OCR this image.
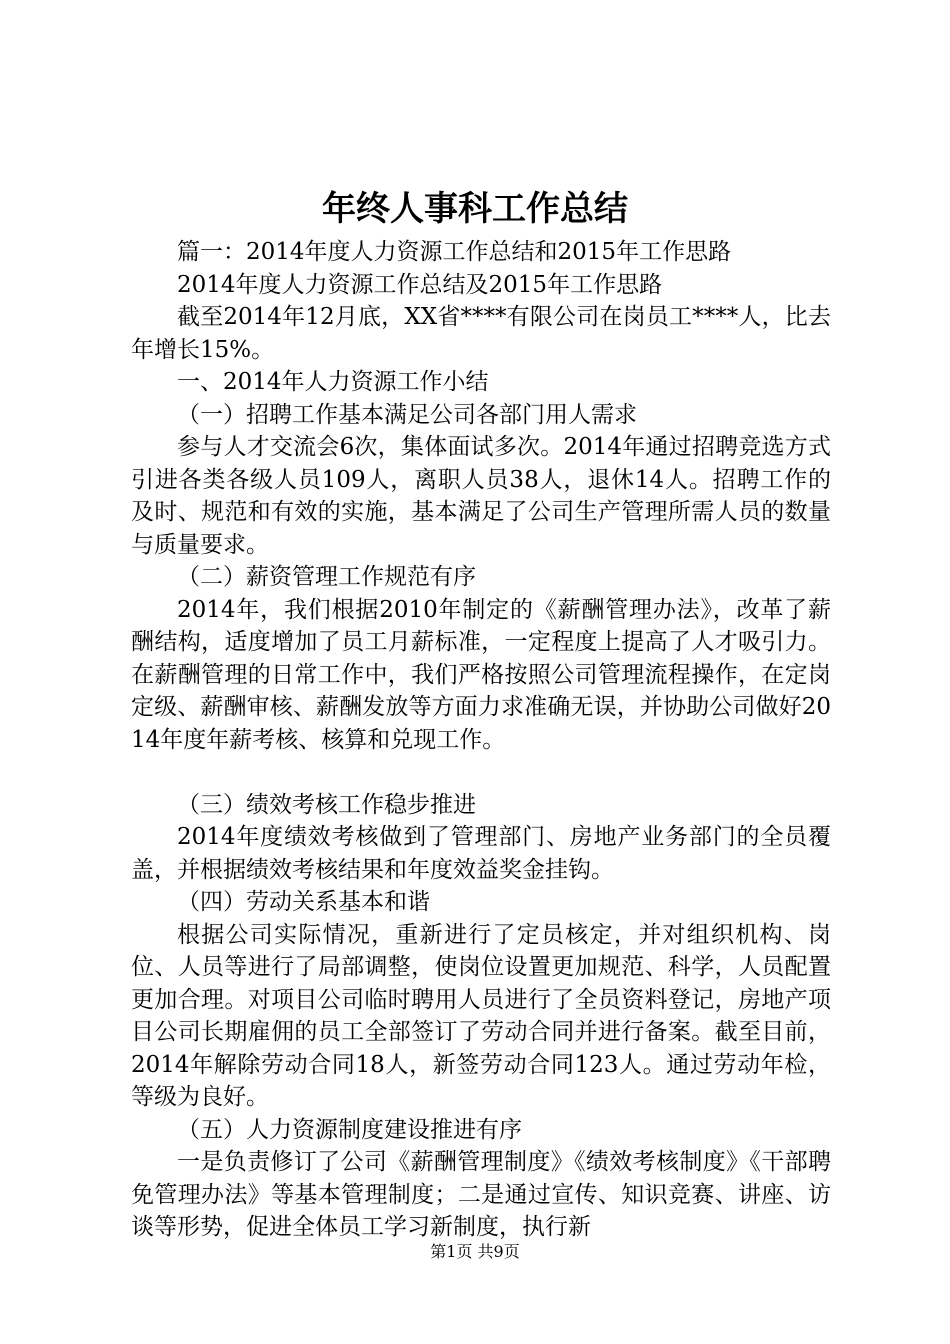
年终人事科工作总结

篇一：2014年度人力资源工作总结和2015年工作思路

2014年度人力资源工作总结及2015年工作思路

截至2014年12月底，XX省****有限公司在岗员工****人，比去年增长15%。

一、2014年人力资源工作小结

（一）招聘工作基本满足公司各部门用人需求

参与人才交流会6次，集体面试多次。2014年通过招聘竞选方式引进各类各级人员109人，离职人员38人，退休14人。招聘工作的及时、规范和有效的实施，基本满足了公司生产管理所需人员的数量与质量要求。

（二）薪资管理工作规范有序

2014年，我们根据2010年制定的《薪酬管理办法》，改革了薪酬结构，适度增加了员工月薪标准，一定程度上提高了人才吸引力。在薪酬管理的日常工作中，我们严格按照公司管理流程操作，在定岗定级、薪酬审核、薪酬发放等方面力求准确无误，并协助公司做好2014年度年薪考核、核算和兑现工作。

（三）绩效考核工作稳步推进

2014年度绩效考核做到了管理部门、房地产业务部门的全员覆盖，并根据绩效考核结果和年度效益奖金挂钩。

（四）劳动关系基本和谐

根据公司实际情况，重新进行了定员核定，并对组织机构、岗位、人员等进行了局部调整，使岗位设置更加规范、科学，人员配置更加合理。对项目公司临时聘用人员进行了全员资料登记，房地产项目公司长期雇佣的员工全部签订了劳动合同并进行备案。截至目前，2014年解除劳动合同18人，新签劳动合同123人。通过劳动年检，等级为良好。

（五）人力资源制度建设推进有序

一是负责修订了公司《薪酬管理制度》《绩效考核制度》《干部聘免管理办法》等基本管理制度；二是通过宣传、知识竞赛、讲座、访谈等形势，促进全体员工学习新制度，执行新

第1页 共9页
